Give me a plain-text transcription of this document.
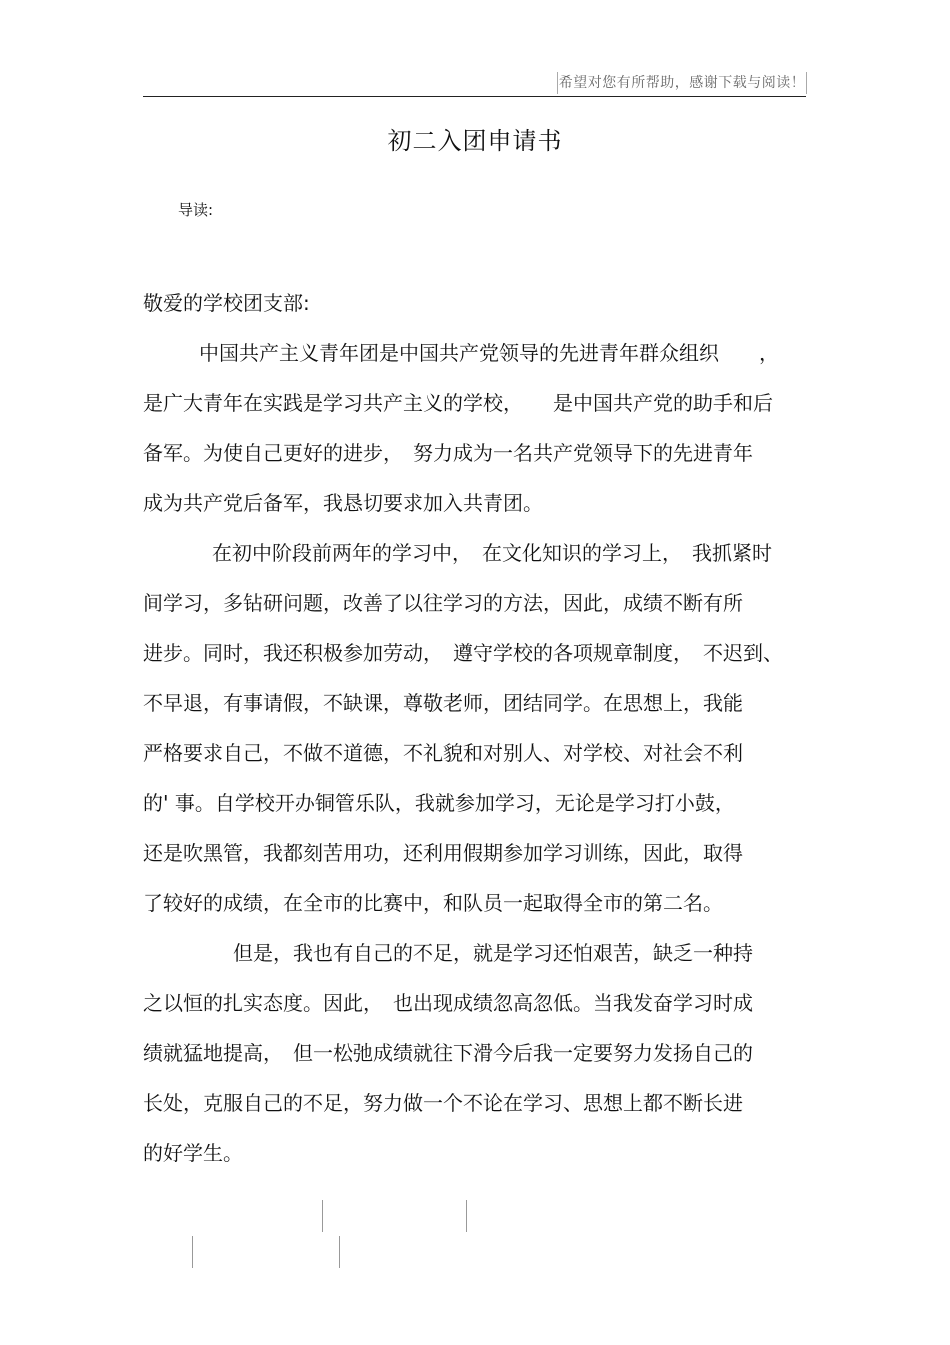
希望对您有所帮助，感谢下载与阅读！
初二入团申请书
导读:
敬爱的学校团支部:
中国共产主义青年团是中国共产党领导的先进青年群众组织　　，
是广大青年在实践是学习共产主义的学校，　　是中国共产党的助手和后
备军。为使自己更好的进步，　努力成为一名共产党领导下的先进青年
成为共产党后备军，我恳切要求加入共青团。
在初中阶段前两年的学习中，　在文化知识的学习上，　我抓紧时
间学习，多钻研问题，改善了以往学习的方法，因此，成绩不断有所
进步。同时，我还积极参加劳动，　遵守学校的各项规章制度，　不迟到、
不早退，有事请假，不缺课，尊敬老师，团结同学。在思想上，我能
严格要求自己，不做不道德，不礼貌和对别人、对学校、对社会不利
的' 事。自学校开办铜管乐队，我就参加学习，无论是学习打小鼓，
还是吹黑管，我都刻苦用功，还利用假期参加学习训练，因此，取得
了较好的成绩，在全市的比赛中，和队员一起取得全市的第二名。
但是，我也有自己的不足，就是学习还怕艰苦，缺乏一种持
之以恒的扎实态度。因此，　也出现成绩忽高忽低。当我发奋学习时成
绩就猛地提高，　但一松弛成绩就往下滑今后我一定要努力发扬自己的
长处，克服自己的不足，努力做一个不论在学习、思想上都不断长进
的好学生。
